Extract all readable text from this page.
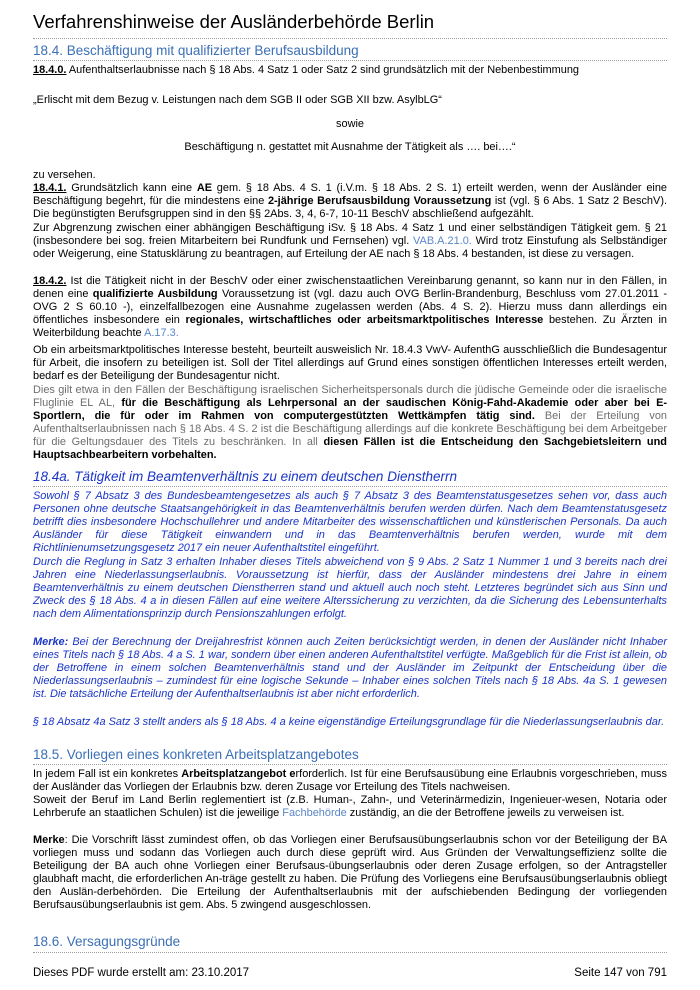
Verfahrenshinweise der Ausländerbehörde Berlin
18.4. Beschäftigung mit qualifizierter Berufsausbildung
18.4.0. Aufenthaltserlaubnisse nach § 18 Abs. 4 Satz 1 oder Satz 2 sind grundsätzlich mit der Nebenbestimmung
„Erlischt mit dem Bezug v. Leistungen nach dem SGB II oder SGB XII bzw. AsylbLG“
sowie
Beschäftigung n. gestattet mit Ausnahme der Tätigkeit als …. bei….“
zu versehen.
18.4.1. Grundsätzlich kann eine AE gem. § 18 Abs. 4 S. 1 (i.V.m. § 18 Abs. 2 S. 1) erteilt werden, wenn der Ausländer eine Beschäftigung begehrt, für die mindestens eine 2-jährige Berufsausbildung Voraussetzung ist (vgl. § 6 Abs. 1 Satz 2 BeschV). Die begünstigten Berufsgruppen sind in den §§ 2Abs. 3, 4, 6-7, 10-11 BeschV abschließend aufgezählt.
Zur Abgrenzung zwischen einer abhängigen Beschäftigung iSv. § 18 Abs. 4 Satz 1 und einer selbständigen Tätigkeit gem. § 21 (insbesondere bei sog. freien Mitarbeitern bei Rundfunk und Fernsehen) vgl. VAB.A.21.0. Wird trotz Einstufung als Selbständiger oder Weigerung, eine Statusklärung zu beantragen, auf Erteilung der AE nach § 18 Abs. 4 bestanden, ist diese zu versagen.
18.4.2. Ist die Tätigkeit nicht in der BeschV oder einer zwischenstaatlichen Vereinbarung genannt, so kann nur in den Fällen, in denen eine qualifizierte Ausbildung Voraussetzung ist (vgl. dazu auch OVG Berlin-Brandenburg, Beschluss vom 27.01.2011 - OVG 2 S 60.10 -), einzelfallbezogen eine Ausnahme zugelassen werden (Abs. 4 S. 2). Hierzu muss dann allerdings ein öffentliches insbesondere ein regionales, wirtschaftliches oder arbeitsmarktpolitisches Interesse bestehen. Zu Ärzten in Weiterbildung beachte A.17.3.
Ob ein arbeitsmarktpolitisches Interesse besteht, beurteilt ausweislich Nr. 18.4.3 VwV- AufenthG ausschließlich die Bundesagentur für Arbeit, die insofern zu beteiligen ist. Soll der Titel allerdings auf Grund eines sonstigen öffentlichen Interesses erteilt werden, bedarf es der Beteiligung der Bundesagentur nicht.
Dies gilt etwa in den Fällen der Beschäftigung israelischen Sicherheitspersonals durch die jüdische Gemeinde oder die israelische Fluglinie EL AL, für die Beschäftigung als Lehrpersonal an der saudischen König-Fahd-Akademie oder aber bei E-Sportlern, die für oder im Rahmen von computergestützten Wettkämpfen tätig sind. Bei der Erteilung von Aufenthaltserlaubnissen nach § 18 Abs. 4 S. 2 ist die Beschäftigung allerdings auf die konkrete Beschäftigung bei dem Arbeitgeber für die Geltungsdauer des Titels zu beschränken. In all diesen Fällen ist die Entscheidung den Sachgebietsleitern und Hauptsachbearbeitern vorbehalten.
18.4a. Tätigkeit im Beamtenverhältnis zu einem deutschen Dienstherrn
Sowohl § 7 Absatz 3 des Bundesbeamtengesetzes als auch § 7 Absatz 3 des Beamtenstatusgesetzes sehen vor, dass auch Personen ohne deutsche Staatsangehörigkeit in das Beamtenverhältnis berufen werden dürfen. Nach dem Beamtenstatusgesetz betrifft dies insbesondere Hochschullehrer und andere Mitarbeiter des wissenschaftlichen und künstlerischen Personals. Da auch Ausländer für diese Tätigkeit einwandern und in das Beamtenverhältnis berufen werden, wurde mit dem Richtlinienumsetzungsgesetz 2017 ein neuer Aufenthaltstitel eingeführt.
Durch die Reglung in Satz 3 erhalten Inhaber dieses Titels abweichend von § 9 Abs. 2 Satz 1 Nummer 1 und 3 bereits nach drei Jahren eine Niederlassungserlaubnis. Voraussetzung ist hierfür, dass der Ausländer mindestens drei Jahre in einem Beamtenverhältnis zu einem deutschen Dienstherren stand und aktuell auch noch steht. Letzteres begründet sich aus Sinn und Zweck des § 18 Abs. 4 a in diesen Fällen auf eine weitere Alterssicherung zu verzichten, da die Sicherung des Lebensunterhalts nach dem Alimentationsprinzip durch Pensionszahlungen erfolgt.
Merke: Bei der Berechnung der Dreijahresfrist können auch Zeiten berücksichtigt werden, in denen der Ausländer nicht Inhaber eines Titels nach § 18 Abs. 4 a S. 1 war, sondern über einen anderen Aufenthaltstitel verfügte. Maßgeblich für die Frist ist allein, ob der Betroffene in einem solchen Beamtenverhältnis stand und der Ausländer im Zeitpunkt der Entscheidung über die Niederlassungserlaubnis – zumindest für eine logische Sekunde – Inhaber eines solchen Titels nach § 18 Abs. 4a S. 1 gewesen ist. Die tatsächliche Erteilung der Aufenthaltserlaubnis ist aber nicht erforderlich.
§ 18 Absatz 4a Satz 3 stellt anders als § 18 Abs. 4 a keine eigenständige Erteilungsgrundlage für die Niederlassungserlaubnis dar.
18.5. Vorliegen eines konkreten Arbeitsplatzangebotes
In jedem Fall ist ein konkretes Arbeitsplatzangebot erforderlich. Ist für eine Berufsausübung eine Erlaubnis vorgeschrieben, muss der Ausländer das Vorliegen der Erlaubnis bzw. deren Zusage vor Erteilung des Titels nachweisen.
Soweit der Beruf im Land Berlin reglementiert ist (z.B. Human-, Zahn-, und Veterinärmedizin, Ingenieuer-wesen, Notaria oder Lehrberufe an staatlichen Schulen) ist die jeweilige Fachbehörde zuständig, an die der Betroffene jeweils zu verweisen ist.
Merke: Die Vorschrift lässt zumindest offen, ob das Vorliegen einer Berufsausübungserlaubnis schon vor der Beteiligung der BA vorliegen muss und sodann das Vorliegen auch durch diese geprüft wird. Aus Gründen der Verwaltungseffizienz sollte die Beteiligung der BA auch ohne Vorliegen einer Berufsaus-übungserlaubnis oder deren Zusage erfolgen, so der Antragsteller glaubhaft macht, die erforderlichen An-träge gestellt zu haben. Die Prüfung des Vorliegens eine Berufsausübungserlaubnis obliegt den Auslän-derbehörden. Die Erteilung der Aufenthaltserlaubnis mit der aufschiebenden Bedingung der vorliegenden Berufsausübungserlaubnis ist gem. Abs. 5 zwingend ausgeschlossen.
18.6. Versagungsgründe
Dieses PDF wurde erstellt am: 23.10.2017	Seite 147 von 791
